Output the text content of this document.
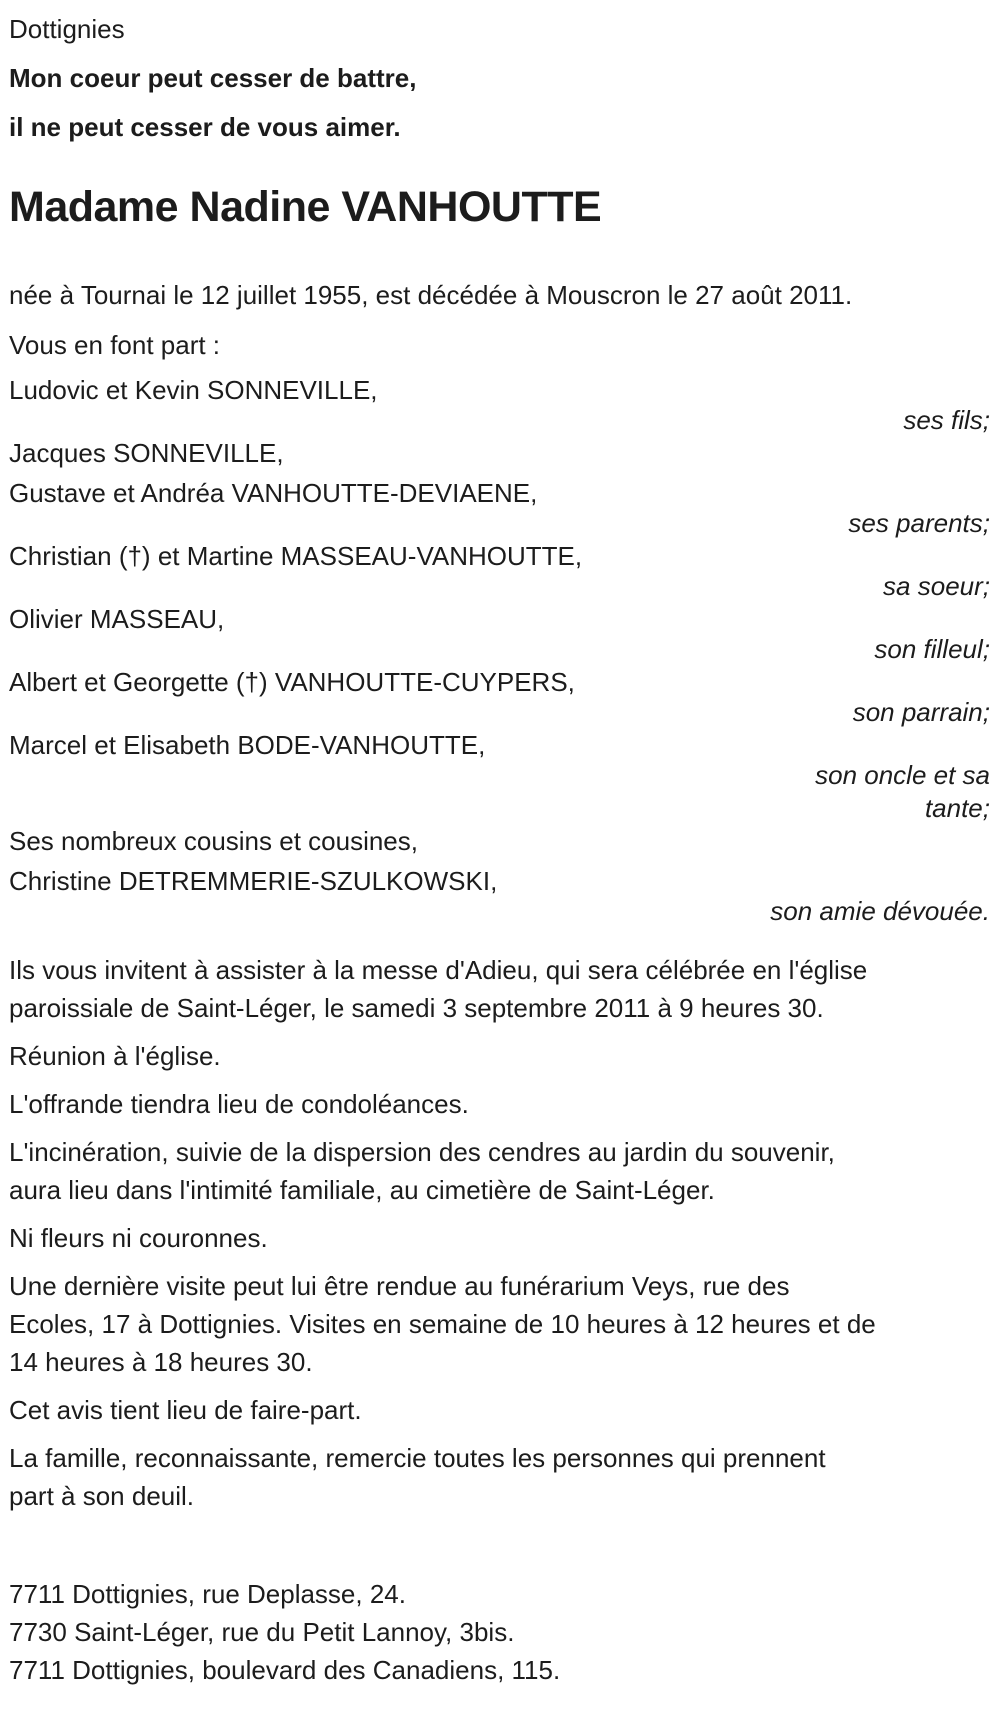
Dottignies
Mon coeur peut cesser de battre,
il ne peut cesser de vous aimer.
Madame Nadine VANHOUTTE
née à Tournai le 12 juillet 1955, est décédée à Mouscron le 27 août 2011.
Vous en font part :
Ludovic et Kevin SONNEVILLE,
ses fils;
Jacques SONNEVILLE,
Gustave et Andréa VANHOUTTE-DEVIAENE,
ses parents;
Christian (†) et Martine MASSEAU-VANHOUTTE,
sa soeur;
Olivier MASSEAU,
son filleul;
Albert et Georgette (†) VANHOUTTE-CUYPERS,
son parrain;
Marcel et Elisabeth BODE-VANHOUTTE,
son oncle et sa
tante;
Ses nombreux cousins et cousines,
Christine DETREMMERIE-SZULKOWSKI,
son amie dévouée.
Ils vous invitent à assister à la messe d'Adieu, qui sera célébrée en l'église
paroissiale de Saint-Léger, le samedi 3 septembre 2011 à 9 heures 30.
Réunion à l'église.
L'offrande tiendra lieu de condoléances.
L'incinération, suivie de la dispersion des cendres au jardin du souvenir,
aura lieu dans l'intimité familiale, au cimetière de Saint-Léger.
Ni fleurs ni couronnes.
Une dernière visite peut lui être rendue au funérarium Veys, rue des
Ecoles, 17 à Dottignies. Visites en semaine de 10 heures à 12 heures et de
14 heures à 18 heures 30.
Cet avis tient lieu de faire-part.
La famille, reconnaissante, remercie toutes les personnes qui prennent
part à son deuil.
7711 Dottignies, rue Deplasse, 24.
7730 Saint-Léger, rue du Petit Lannoy, 3bis.
7711 Dottignies, boulevard des Canadiens, 115.
